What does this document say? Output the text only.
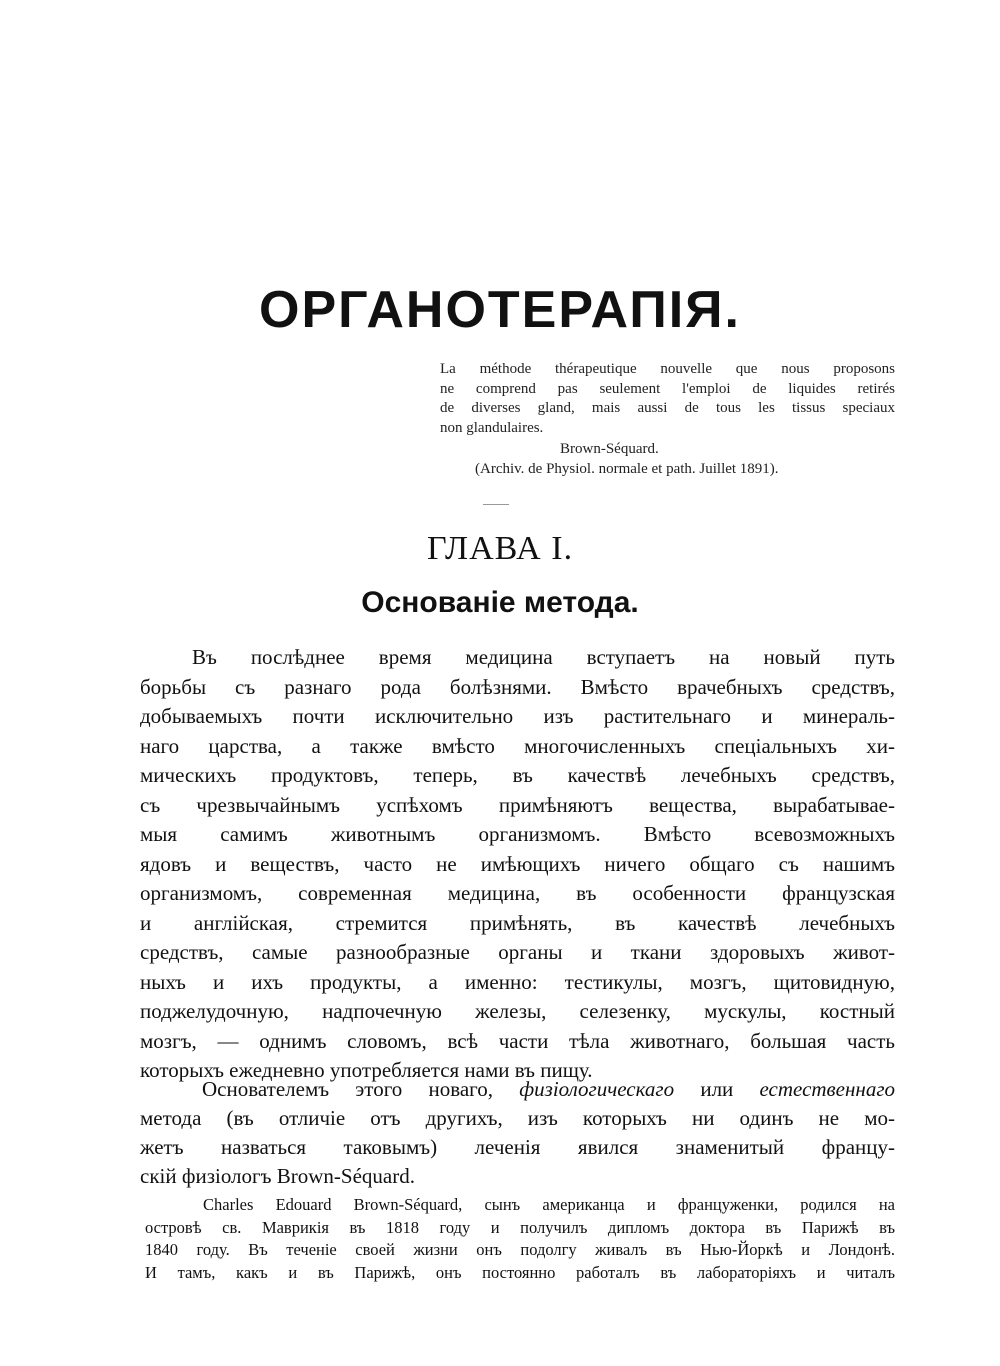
ОРГАНОТЕРАПІЯ.
La méthode thérapeutique nouvelle que nous proposons
ne comprend pas seulement l'emploi de liquides retirés
de diverses gland, mais aussi de tous les tissus speciaux
non glandulaires.
Brown-Séquard.
(Archiv. de Physiol. normale et path. Juillet 1891).
ГЛАВА I.
Основаніе метода.
Въ послѣднее время медицина вступаетъ на новый путь
борьбы съ разнаго рода болѣзнями. Вмѣсто врачебныхъ средствъ,
добываемыхъ почти исключительно изъ растительнаго и минераль-
наго царства, а также вмѣсто многочисленныхъ спеціальныхъ хи-
мическихъ продуктовъ, теперь, въ качествѣ лечебныхъ средствъ,
съ чрезвычайнымъ успѣхомъ примѣняютъ вещества, вырабатывае-
мыя самимъ животнымъ организмомъ. Вмѣсто всевозможныхъ
ядовъ и веществъ, часто не имѣющихъ ничего общаго съ нашимъ
организмомъ, современная медицина, въ особенности французская
и англійская, стремится примѣнять, въ качествѣ лечебныхъ
средствъ, самые разнообразные органы и ткани здоровыхъ живот-
ныхъ и ихъ продукты, а именно: тестикулы, мозгъ, щитовидную,
поджелудочную, надпочечную железы, селезенку, мускулы, костный
мозгъ, — однимъ словомъ, всѣ части тѣла животнаго, большая часть
которыхъ ежедневно употребляется нами въ пищу.
Основателемъ этого новаго, физіологическаго или естественнаго
метода (въ отличіе отъ другихъ, изъ которыхъ ни одинъ не мо-
жетъ назваться таковымъ) леченія явился знаменитый францу-
скій физіологъ Brown-Séquard.
Charles Edouard Brown-Séquard, сынъ американца и француженки, родился на
островѣ св. Маврикія въ 1818 году и получилъ дипломъ доктора въ Парижѣ въ
1840 году. Въ теченіе своей жизни онъ подолгу живалъ въ Нью-Йоркѣ и Лондонѣ.
И тамъ, какъ и въ Парижѣ, онъ постоянно работалъ въ лабораторіяхъ и читалъ
